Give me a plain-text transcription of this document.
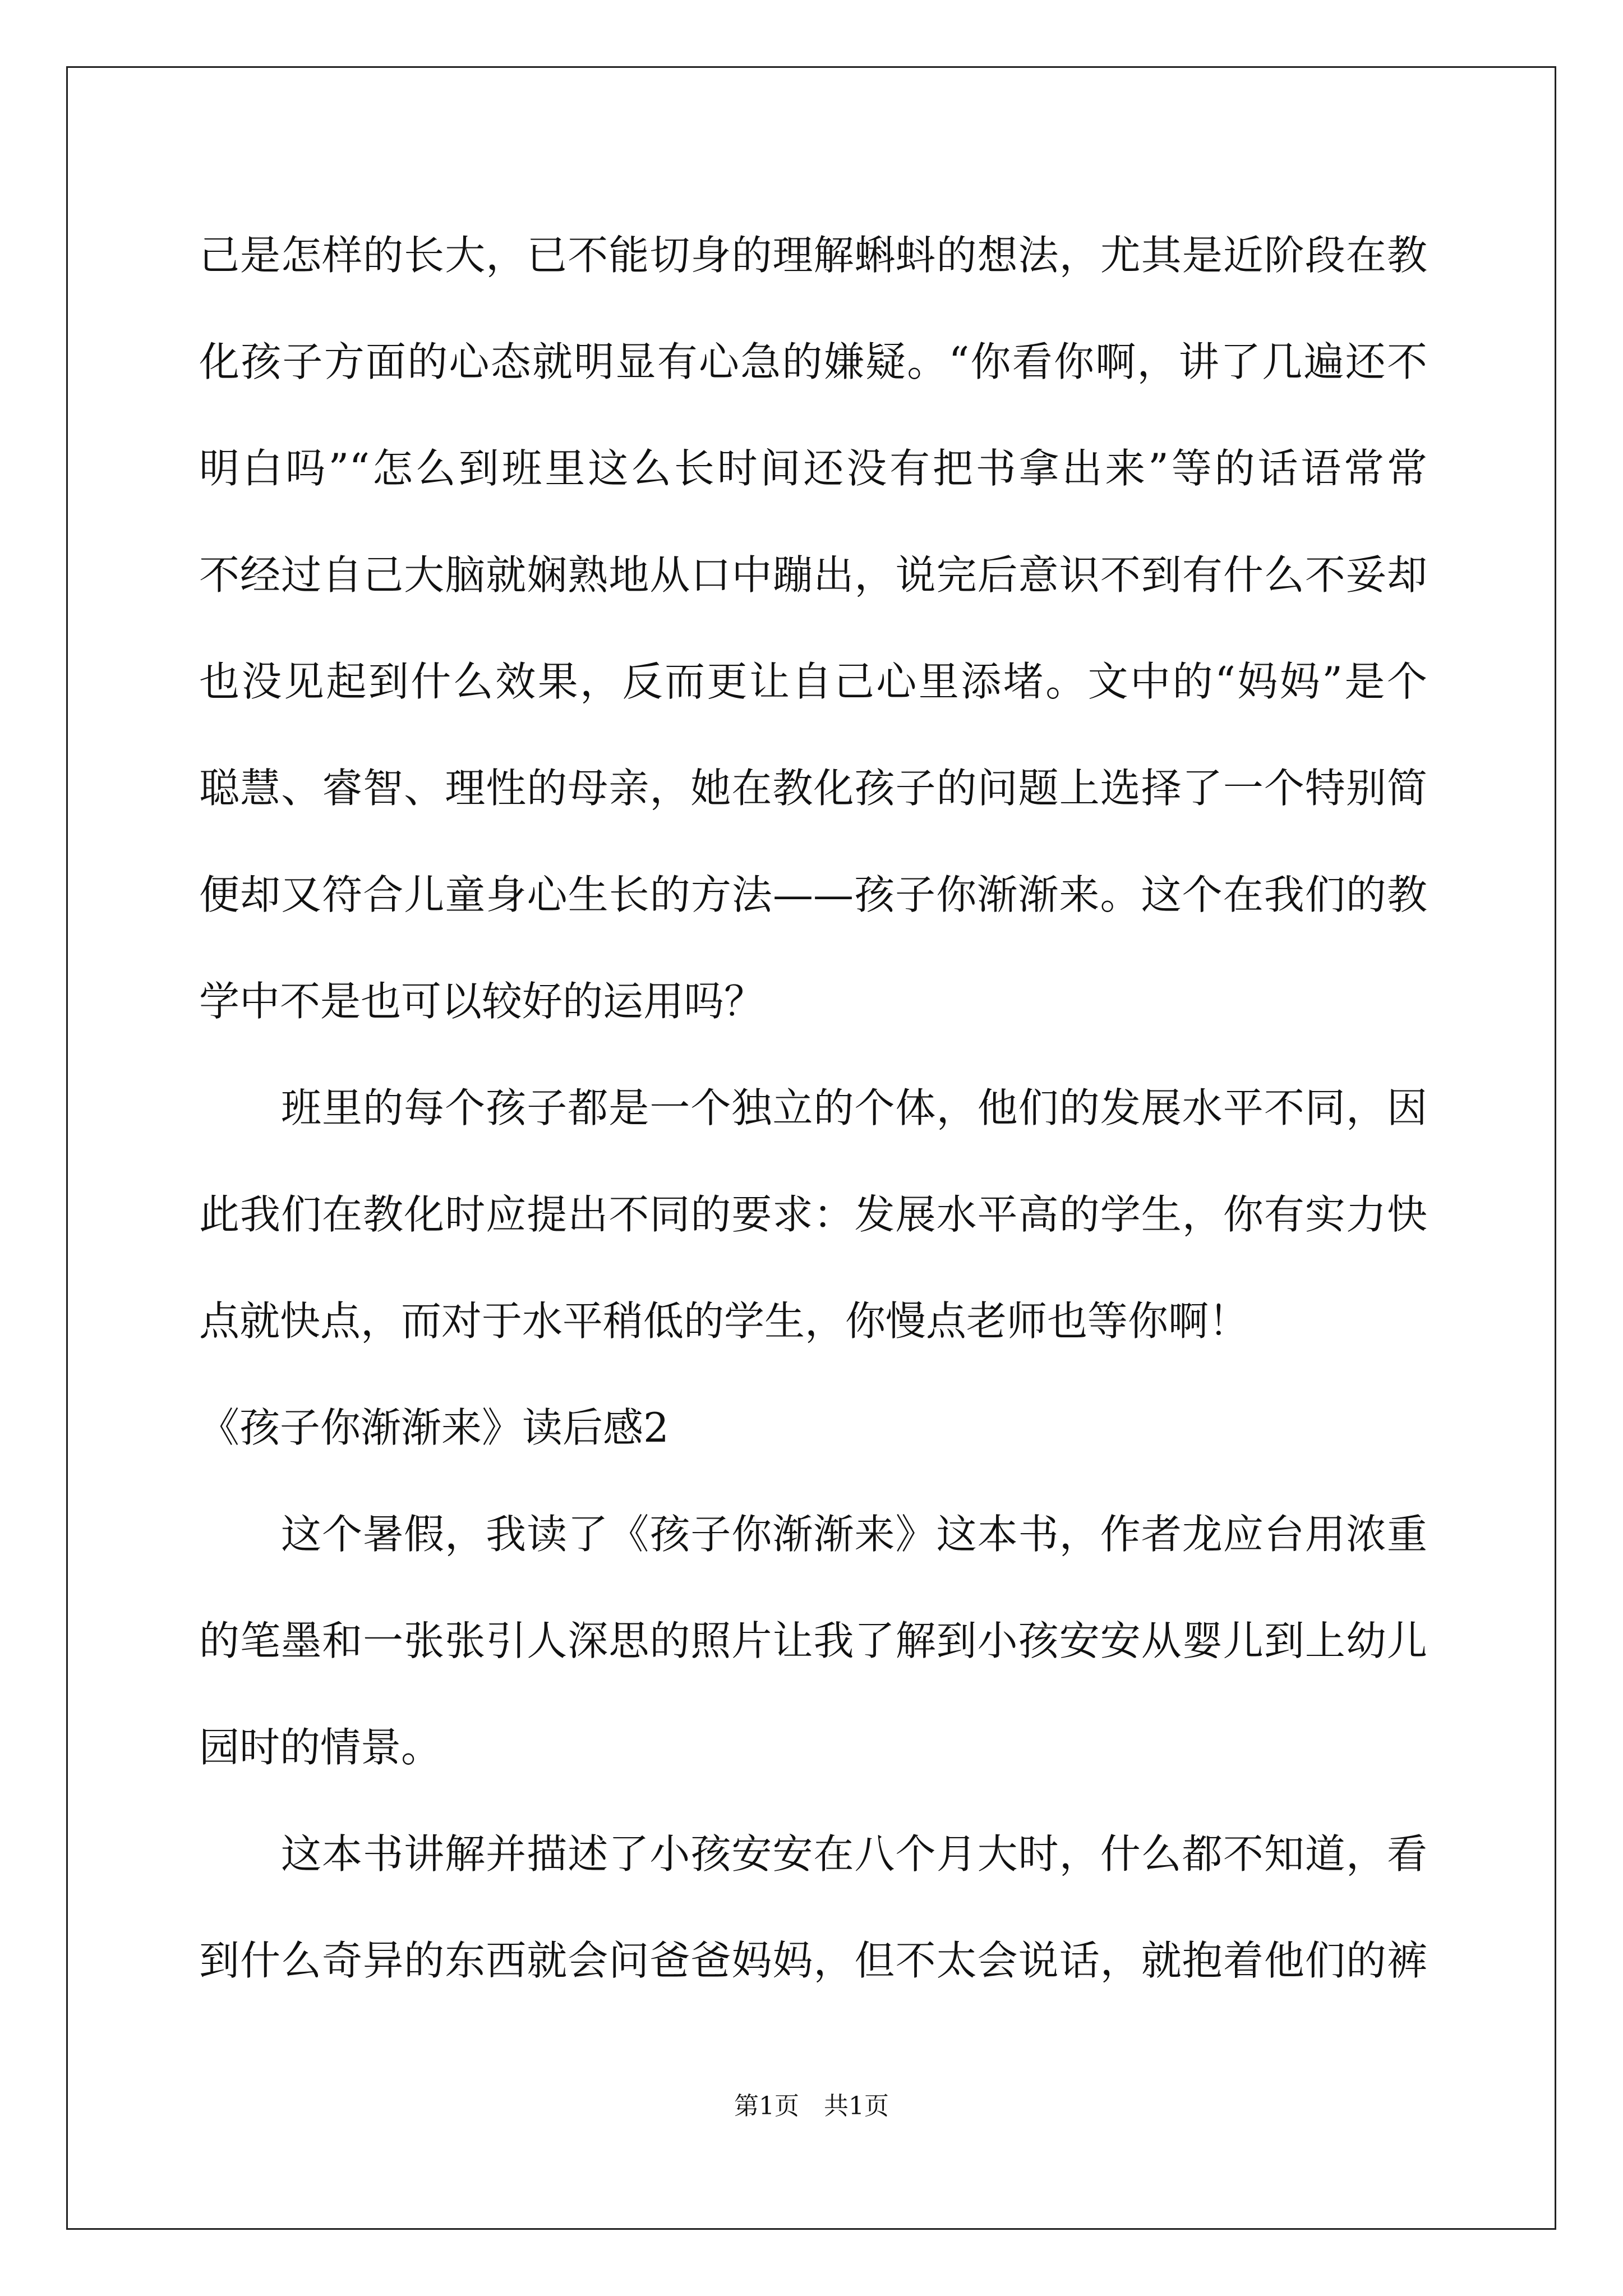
己是怎样的长大，已不能切身的理解蝌蚪的想法，尤其是近阶段在教
化孩子方面的心态就明显有心急的嫌疑。“你看你啊，讲了几遍还不
明白吗”“怎么到班里这么长时间还没有把书拿出来”等的话语常常
不经过自己大脑就娴熟地从口中蹦出，说完后意识不到有什么不妥却
也没见起到什么效果，反而更让自己心里添堵。文中的“妈妈”是个
聪慧、睿智、理性的母亲，她在教化孩子的问题上选择了一个特别简
便却又符合儿童身心生长的方法——孩子你渐渐来。这个在我们的教
学中不是也可以较好的运用吗？
班里的每个孩子都是一个独立的个体，他们的发展水平不同，因
此我们在教化时应提出不同的要求：发展水平高的学生，你有实力快
点就快点，而对于水平稍低的学生，你慢点老师也等你啊！
《孩子你渐渐来》读后感2
这个暑假，我读了《孩子你渐渐来》这本书，作者龙应台用浓重
的笔墨和一张张引人深思的照片让我了解到小孩安安从婴儿到上幼儿
园时的情景。
这本书讲解并描述了小孩安安在八个月大时，什么都不知道，看
到什么奇异的东西就会问爸爸妈妈，但不太会说话，就抱着他们的裤
第1页　共1页
